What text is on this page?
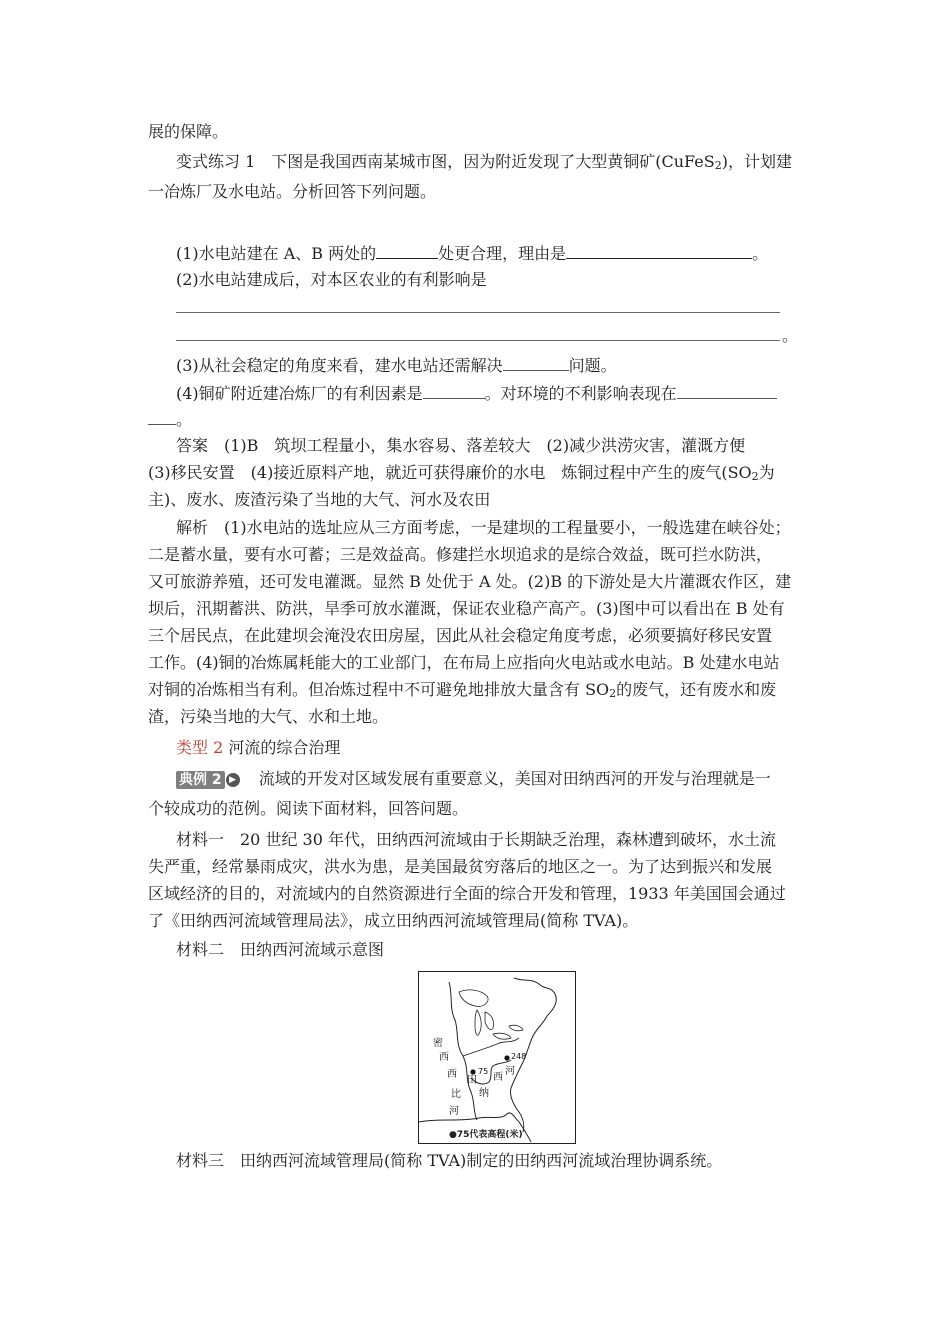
展的保障。
变式练习 1　下图是我国西南某城市图，因为附近发现了大型黄铜矿(CuFeS2)，计划建
一冶炼厂及水电站。分析回答下列问题。
(1)水电站建在 A、B 两处的	处更合理，理由是	。
(2)水电站建成后，对本区农业的有利影响是
。
(3)从社会稳定的角度来看，建水电站还需解决	问题。
(4)铜矿附近建冶炼厂的有利因素是	。对环境的不利影响表现在
。
答案　(1)B　筑坝工程量小，集水容易、落差较大　(2)减少洪涝灾害，灌溉方便
(3)移民安置　(4)接近原料产地，就近可获得廉价的水电　炼铜过程中产生的废气(SO2为
主)、废水、废渣污染了当地的大气、河水及农田
解析　(1)水电站的选址应从三方面考虑，一是建坝的工程量要小，一般选建在峡谷处；
二是蓄水量，要有水可蓄；三是效益高。修建拦水坝追求的是综合效益，既可拦水防洪，
又可旅游养殖，还可发电灌溉。显然 B 处优于 A 处。(2)B 的下游处是大片灌溉农作区，建
坝后，汛期蓄洪、防洪，旱季可放水灌溉，保证农业稳产高产。(3)图中可以看出在 B 处有
三个居民点，在此建坝会淹没农田房屋，因此从社会稳定角度考虑，必须要搞好移民安置
工作。(4)铜的冶炼属耗能大的工业部门，在布局上应指向火电站或水电站。B 处建水电站
对铜的冶炼相当有利。但冶炼过程中不可避免地排放大量含有 SO2的废气，还有废水和废
渣，污染当地的大气、水和土地。
类型 2 河流的综合治理
典例 2 ▶ 流域的开发对区域发展有重要意义，美国对田纳西河的开发与治理就是一
个较成功的范例。阅读下面材料，回答问题。
材料一　20 世纪 30 年代，田纳西河流域由于长期缺乏治理，森林遭到破坏，水土流
失严重，经常暴雨成灾，洪水为患，是美国最贫穷落后的地区之一。为了达到振兴和发展
区域经济的目的，对流域内的自然资源进行全面的综合开发和管理，1933 年美国国会通过
了《田纳西河流域管理局法》，成立田纳西河流域管理局(简称 TVA)。
材料二　田纳西河流域示意图
密
西
西
比
河
田
纳
西
河
75
248
●75代表高程(米)
材料三　田纳西河流域管理局(简称 TVA)制定的田纳西河流域治理协调系统。
